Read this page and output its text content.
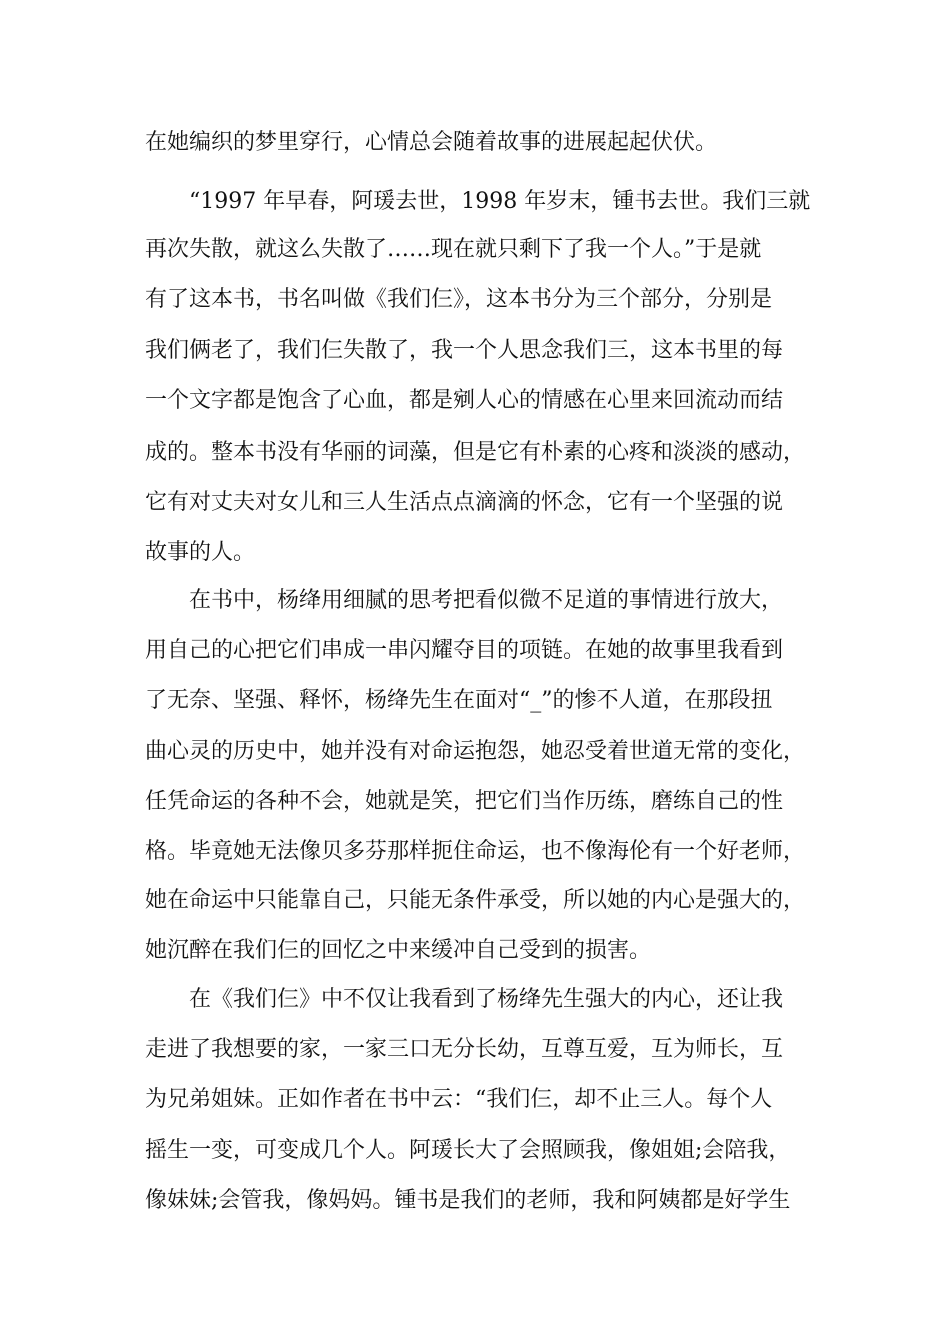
在她编织的梦里穿行，心情总会随着故事的进展起起伏伏。
“1997 年早春，阿瑗去世，1998 年岁末，锺书去世。我们三就
再次失散，就这么失散了……现在就只剩下了我一个人。”于是就
有了这本书，书名叫做《我们仨》，这本书分为三个部分，分别是
我们俩老了，我们仨失散了，我一个人思念我们三，这本书里的每
一个文字都是饱含了心血，都是剜人心的情感在心里来回流动而结
成的。整本书没有华丽的词藻，但是它有朴素的心疼和淡淡的感动，
它有对丈夫对女儿和三人生活点点滴滴的怀念，它有一个坚强的说
故事的人。
在书中，杨绛用细腻的思考把看似微不足道的事情进行放大，
用自己的心把它们串成一串闪耀夺目的项链。在她的故事里我看到
了无奈、坚强、释怀，杨绛先生在面对“_”的惨不人道，在那段扭
曲心灵的历史中，她并没有对命运抱怨，她忍受着世道无常的变化，
任凭命运的各种不会，她就是笑，把它们当作历练，磨练自己的性
格。毕竟她无法像贝多芬那样扼住命运，也不像海伦有一个好老师，
她在命运中只能靠自己，只能无条件承受，所以她的内心是强大的，
她沉醉在我们仨的回忆之中来缓冲自己受到的损害。
在《我们仨》中不仅让我看到了杨绛先生强大的内心，还让我
走进了我想要的家，一家三口无分长幼，互尊互爱，互为师长，互
为兄弟姐妹。正如作者在书中云：“我们仨，却不止三人。每个人
摇生一变，可变成几个人。阿瑗长大了会照顾我，像姐姐;会陪我，
像妹妹;会管我，像妈妈。锺书是我们的老师，我和阿姨都是好学生
